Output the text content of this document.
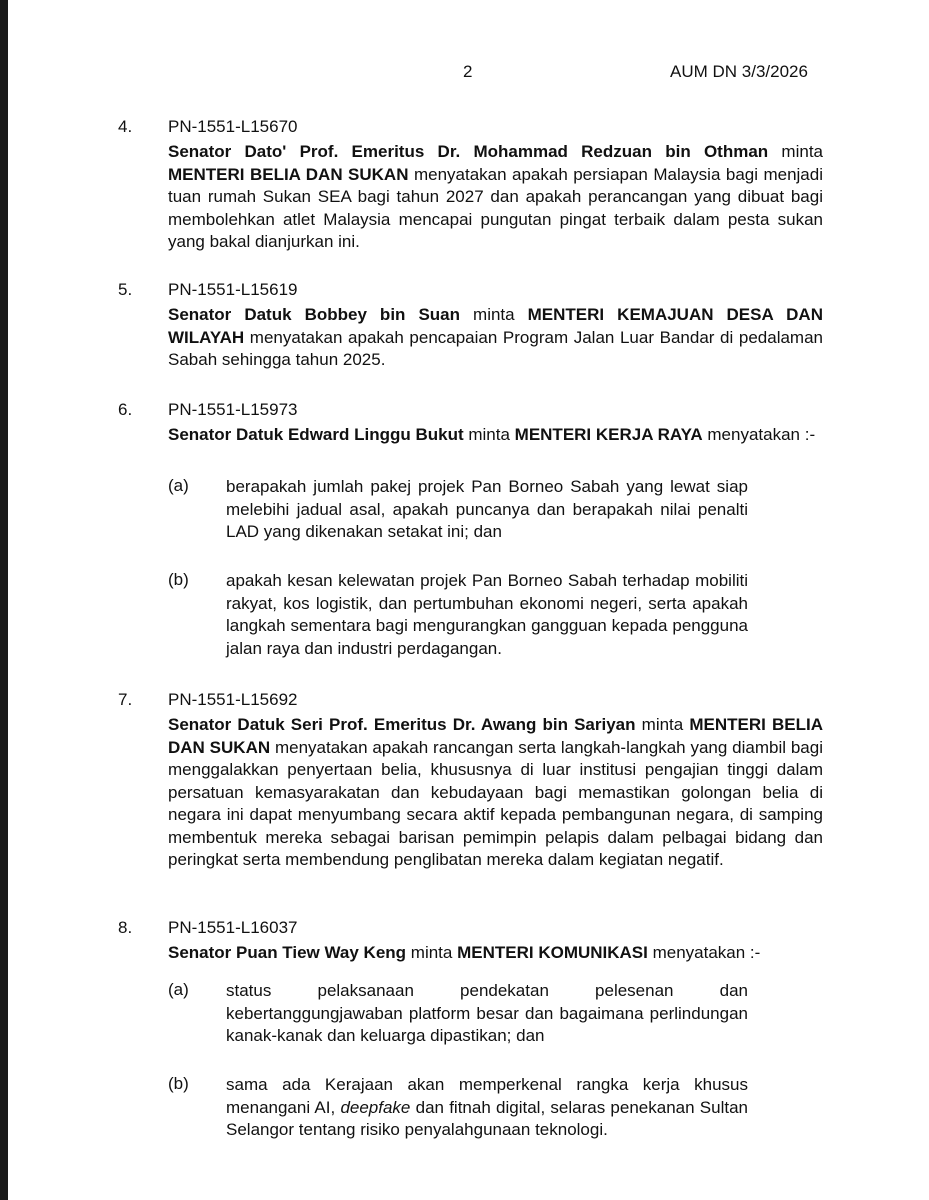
2	AUM DN 3/3/2026
4. PN-1551-L15670
Senator Dato' Prof. Emeritus Dr. Mohammad Redzuan bin Othman minta MENTERI BELIA DAN SUKAN menyatakan apakah persiapan Malaysia bagi menjadi tuan rumah Sukan SEA bagi tahun 2027 dan apakah perancangan yang dibuat bagi membolehkan atlet Malaysia mencapai pungutan pingat terbaik dalam pesta sukan yang bakal dianjurkan ini.
5. PN-1551-L15619
Senator Datuk Bobbey bin Suan minta MENTERI KEMAJUAN DESA DAN WILAYAH menyatakan apakah pencapaian Program Jalan Luar Bandar di pedalaman Sabah sehingga tahun 2025.
6. PN-1551-L15973
Senator Datuk Edward Linggu Bukut minta MENTERI KERJA RAYA menyatakan :-
(a) berapakah jumlah pakej projek Pan Borneo Sabah yang lewat siap melebihi jadual asal, apakah puncanya dan berapakah nilai penalti LAD yang dikenakan setakat ini; dan
(b) apakah kesan kelewatan projek Pan Borneo Sabah terhadap mobiliti rakyat, kos logistik, dan pertumbuhan ekonomi negeri, serta apakah langkah sementara bagi mengurangkan gangguan kepada pengguna jalan raya dan industri perdagangan.
7. PN-1551-L15692
Senator Datuk Seri Prof. Emeritus Dr. Awang bin Sariyan minta MENTERI BELIA DAN SUKAN menyatakan apakah rancangan serta langkah-langkah yang diambil bagi menggalakkan penyertaan belia, khususnya di luar institusi pengajian tinggi dalam persatuan kemasyarakatan dan kebudayaan bagi memastikan golongan belia di negara ini dapat menyumbang secara aktif kepada pembangunan negara, di samping membentuk mereka sebagai barisan pemimpin pelapis dalam pelbagai bidang dan peringkat serta membendung penglibatan mereka dalam kegiatan negatif.
8. PN-1551-L16037
Senator Puan Tiew Way Keng minta MENTERI KOMUNIKASI menyatakan :-
(a) status pelaksanaan pendekatan pelesenan dan kebertanggungjawaban platform besar dan bagaimana perlindungan kanak-kanak dan keluarga dipastikan; dan
(b) sama ada Kerajaan akan memperkenal rangka kerja khusus menangani AI, deepfake dan fitnah digital, selaras penekanan Sultan Selangor tentang risiko penyalahgunaan teknologi.
